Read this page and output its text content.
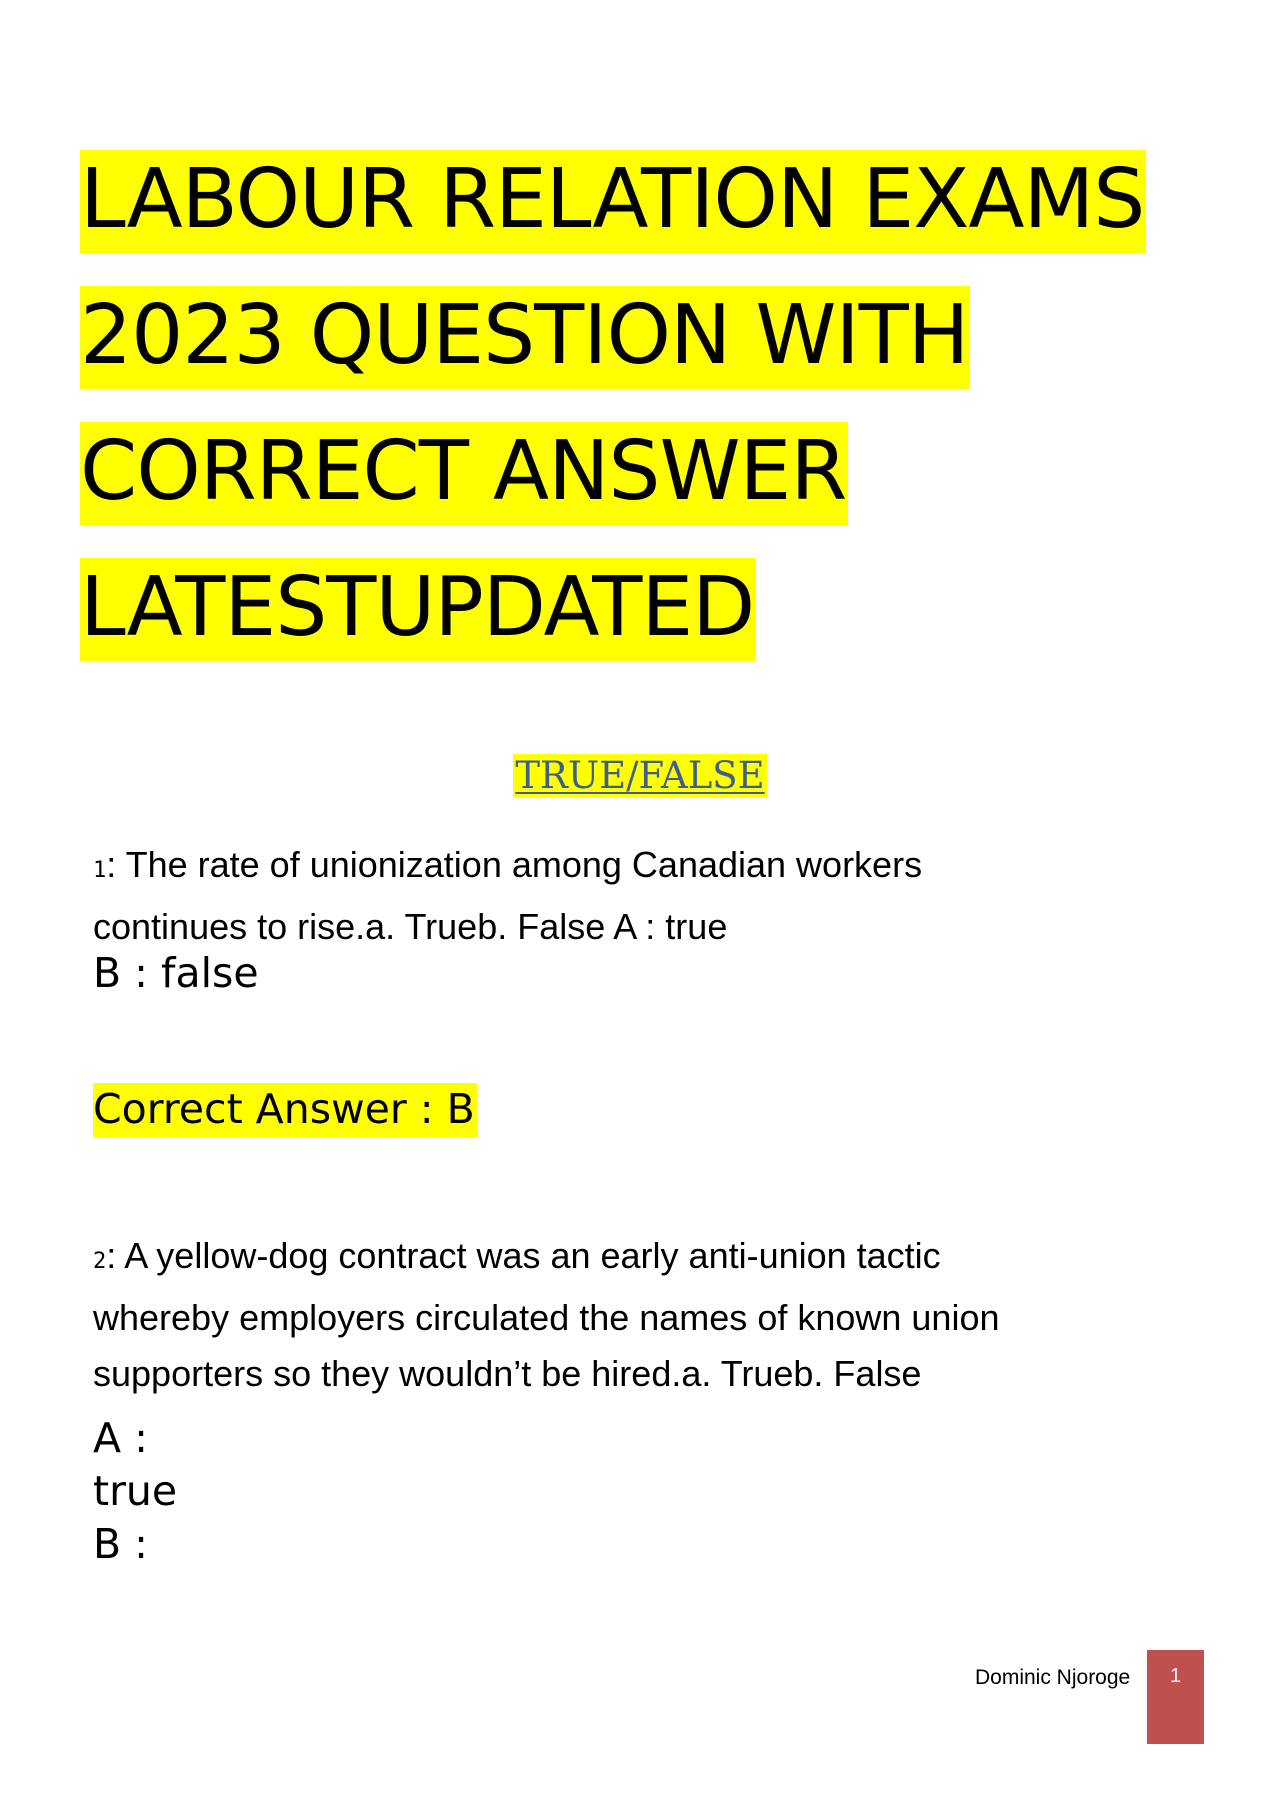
LABOUR RELATION EXAMS
2023 QUESTION WITH
CORRECT ANSWER
LATESTUPDATED
TRUE/FALSE
1: The rate of unionization among Canadian workers
continues to rise.a. Trueb. False A : true
B : false
Correct Answer : B
2: A yellow-dog contract was an early anti-union tactic
whereby employers circulated the names of known union
supporters so they wouldn’t be hired.a. Trueb. False
A :
true
B :
Dominic Njoroge	1
